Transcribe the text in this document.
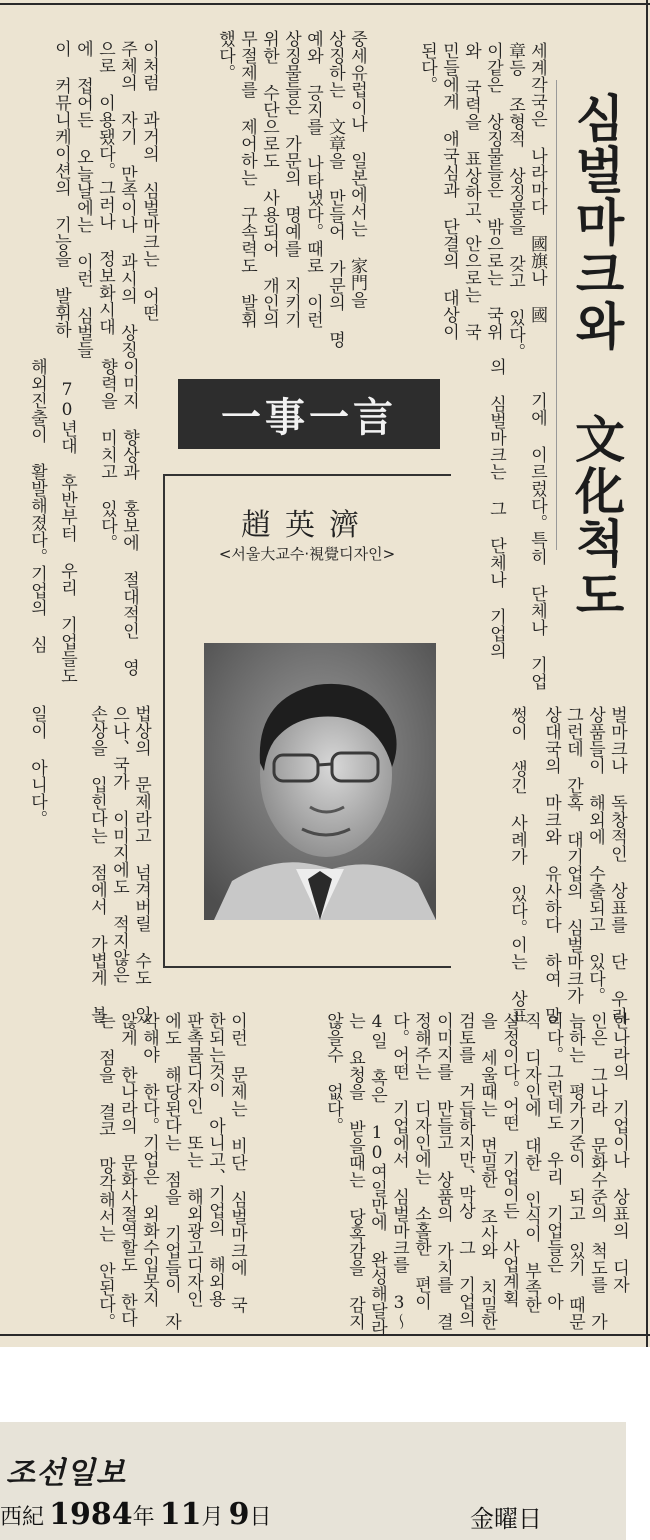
심벌마크와 文化척도
세계각국은 나라마다 國旗나 國
章등 조형적 상징물을 갖고 있다。
이같은 상징물들은 밖으로는 국위
와 국력을 표상하고、안으로는 국
민들에게 애국심과 단결의 대상이
된다。
중세유럽이나 일본에서는 家門을
상징하는 文章을 만들어 가문의 명
예와 긍지를 나타냈다。때로 이런
상징물들은 가문의 명예를 지키기
위한 수단으로도 사용되어 개인의
무절제를 제어하는 구속력도 발휘
했다。
이처럼 과거의 심벌마크는 어떤
주체의 자기 만족이나 과시의 상징
으로 이용됐다。그러나 정보화시대
에 접어든 오늘날에는 이런 심벌들
이 커뮤니케이션의 기능을 발휘하
기에 이르렀다。특히 단체나 기업
의 심벌마크는 그 단체나 기업의
이미지 향상과 홍보에 절대적인 영
향력을 미치고 있다。
70년대 후반부터 우리 기업들도
해외진출이 활발해졌다。기업의 심	一事一言
趙英濟
<서울大교수·視覺디자인>
벌마크나 독창적인 상표를 단 우리
상품들이 해외에 수출되고 있다。
그런데 간혹 대기업의 심벌마크가
상대국의 마크와 유사하다 하여 말
썽이 생긴 사례가 있다。이는 상표
법상의 문제라고 넘겨버릴 수도 있
으나、국가 이미지에도 적지않은
손상을 입힌다는 점에서 가볍게 볼
일이 아니다。
한나라의 기업이나 상표의 디자
인은 그나라 문화수준의 척도를 가
늠하는 평가기준이 되고 있기 때문
이다。그런데도 우리 기업들은 아
직 디자인에 대한 인식이 부족한
실정이다。어떤 기업이든 사업계획
을 세울때는 면밀한 조사와 치밀한
검토를 거듭하지만、막상 그 기업의
이미지를 만들고 상품의 가치를 결
정해주는 디자인에는 소홀한 편이
다。어떤 기업에서 심벌마크를 3～
4일 혹은 10여일만에 완성해달라
는 요청을 받을때는 당혹감을 감지
않을수 없다。
이런 문제는 비단 심벌마크에 국
한되는것이 아니고、기업의 해외용
판촉물디자인 또는 해외광고디자인
에도 해당된다는 점을 기업들이 자
각해야 한다。기업은 외화수입못지
않게 한나라의 문화사절역할도 한다
는 점을 결코 망각해서는 안된다。
조선일보
西紀 1984年 11月 9日	金曜日
